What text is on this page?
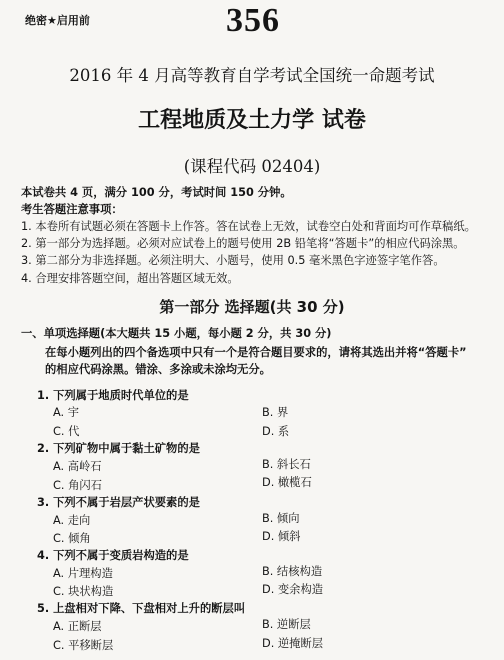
绝密★启用前	356
2016 年 4 月高等教育自学考试全国统一命题考试
工程地质及土力学 试卷
(课程代码 02404)
本试卷共 4 页，满分 100 分，考试时间 150 分钟。
考生答题注意事项：
1. 本卷所有试题必须在答题卡上作答。答在试卷上无效，试卷空白处和背面均可作草稿纸。
2. 第一部分为选择题。必须对应试卷上的题号使用 2B 铅笔将“答题卡”的相应代码涂黑。
3. 第二部分为非选择题。必须注明大、小题号，使用 0.5 毫米黑色字迹签字笔作答。
4. 合理安排答题空间，超出答题区域无效。
第一部分 选择题(共 30 分)
一、单项选择题(本大题共 15 小题，每小题 2 分，共 30 分)
在每小题列出的四个备选项中只有一个是符合题目要求的，请将其选出并将“答题卡”
的相应代码涂黑。错涂、多涂或未涂均无分。
1. 下列属于地质时代单位的是
A. 宇	B. 界
C. 代	D. 系
2. 下列矿物中属于黏土矿物的是
A. 高岭石	B. 斜长石
C. 角闪石	D. 橄榄石
3. 下列不属于岩层产状要素的是
A. 走向	B. 倾向
C. 倾角	D. 倾斜
4. 下列不属于变质岩构造的是
A. 片理构造	B. 结核构造
C. 块状构造	D. 变余构造
5. 上盘相对下降、下盘相对上升的断层叫
A. 正断层	B. 逆断层
C. 平移断层	D. 逆掩断层
